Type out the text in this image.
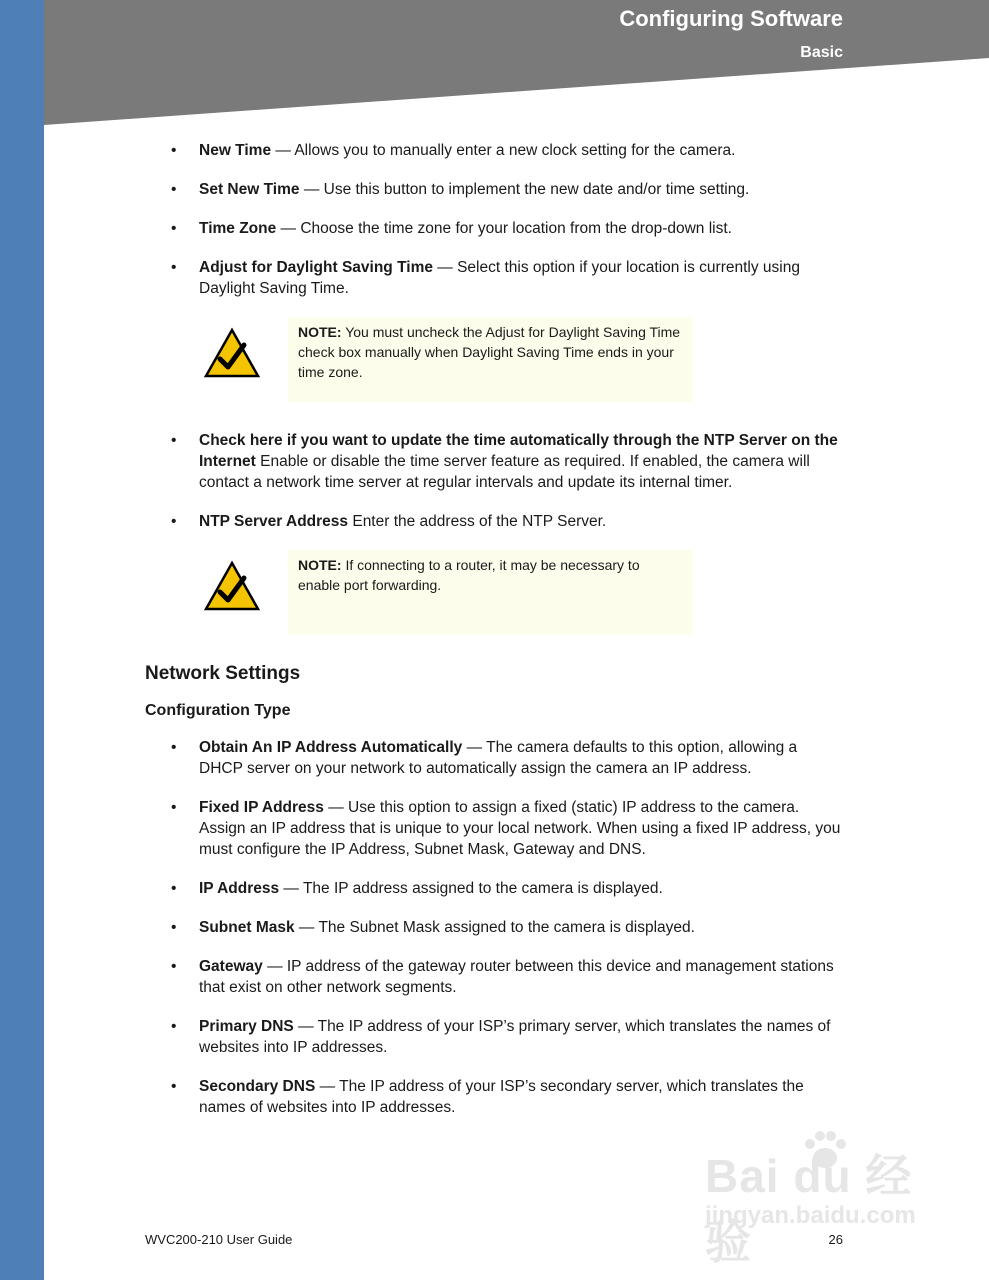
Configuring Software
Basic
• New Time — Allows you to manually enter a new clock setting for the camera.
• Set New Time — Use this button to implement the new date and/or time setting.
• Time Zone — Choose the time zone for your location from the drop-down list.
• Adjust for Daylight Saving Time — Select this option if your location is currently using Daylight Saving Time.
NOTE: You must uncheck the Adjust for Daylight Saving Time check box manually when Daylight Saving Time ends in your time zone.
• Check here if you want to update the time automatically through the NTP Server on the Internet Enable or disable the time server feature as required. If enabled, the camera will contact a network time server at regular intervals and update its internal timer.
• NTP Server Address Enter the address of the NTP Server.
NOTE: If connecting to a router, it may be necessary to enable port forwarding.
Network Settings
Configuration Type
• Obtain An IP Address Automatically — The camera defaults to this option, allowing a DHCP server on your network to automatically assign the camera an IP address.
• Fixed IP Address — Use this option to assign a fixed (static) IP address to the camera. Assign an IP address that is unique to your local network. When using a fixed IP address, you must configure the IP Address, Subnet Mask, Gateway and DNS.
• IP Address — The IP address assigned to the camera is displayed.
• Subnet Mask — The Subnet Mask assigned to the camera is displayed.
• Gateway — IP address of the gateway router between this device and management stations that exist on other network segments.
• Primary DNS — The IP address of your ISP’s primary server, which translates the names of websites into IP addresses.
• Secondary DNS — The IP address of your ISP’s secondary server, which translates the names of websites into IP addresses.
Bai du 经验
jingyan.baidu.com
WVC200-210 User Guide	26
